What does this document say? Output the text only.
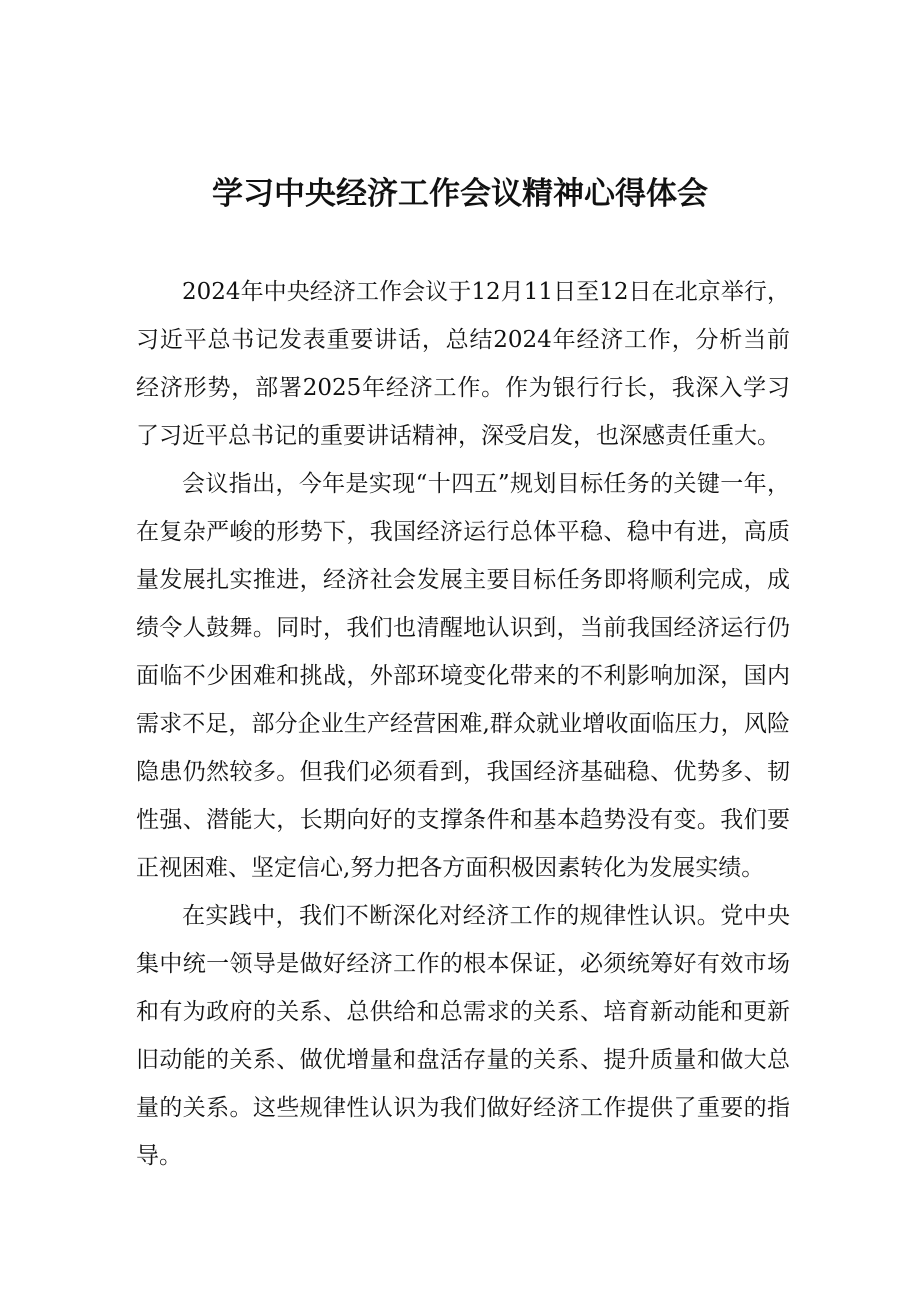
学习中央经济工作会议精神心得体会

2024年中央经济工作会议于12月11日至12日在北京举行，习近平总书记发表重要讲话，总结2024年经济工作，分析当前经济形势，部署2025年经济工作。作为银行行长，我深入学习了习近平总书记的重要讲话精神，深受启发，也深感责任重大。

会议指出，今年是实现“十四五”规划目标任务的关键一年，在复杂严峻的形势下，我国经济运行总体平稳、稳中有进，高质量发展扎实推进，经济社会发展主要目标任务即将顺利完成，成绩令人鼓舞。同时，我们也清醒地认识到，当前我国经济运行仍面临不少困难和挑战，外部环境变化带来的不利影响加深，国内需求不足，部分企业生产经营困难,群众就业增收面临压力，风险隐患仍然较多。但我们必须看到，我国经济基础稳、优势多、韧性强、潜能大，长期向好的支撑条件和基本趋势没有变。我们要正视困难、坚定信心,努力把各方面积极因素转化为发展实绩。

在实践中，我们不断深化对经济工作的规律性认识。党中央集中统一领导是做好经济工作的根本保证，必须统筹好有效市场和有为政府的关系、总供给和总需求的关系、培育新动能和更新旧动能的关系、做优增量和盘活存量的关系、提升质量和做大总量的关系。这些规律性认识为我们做好经济工作提供了重要的指导。
